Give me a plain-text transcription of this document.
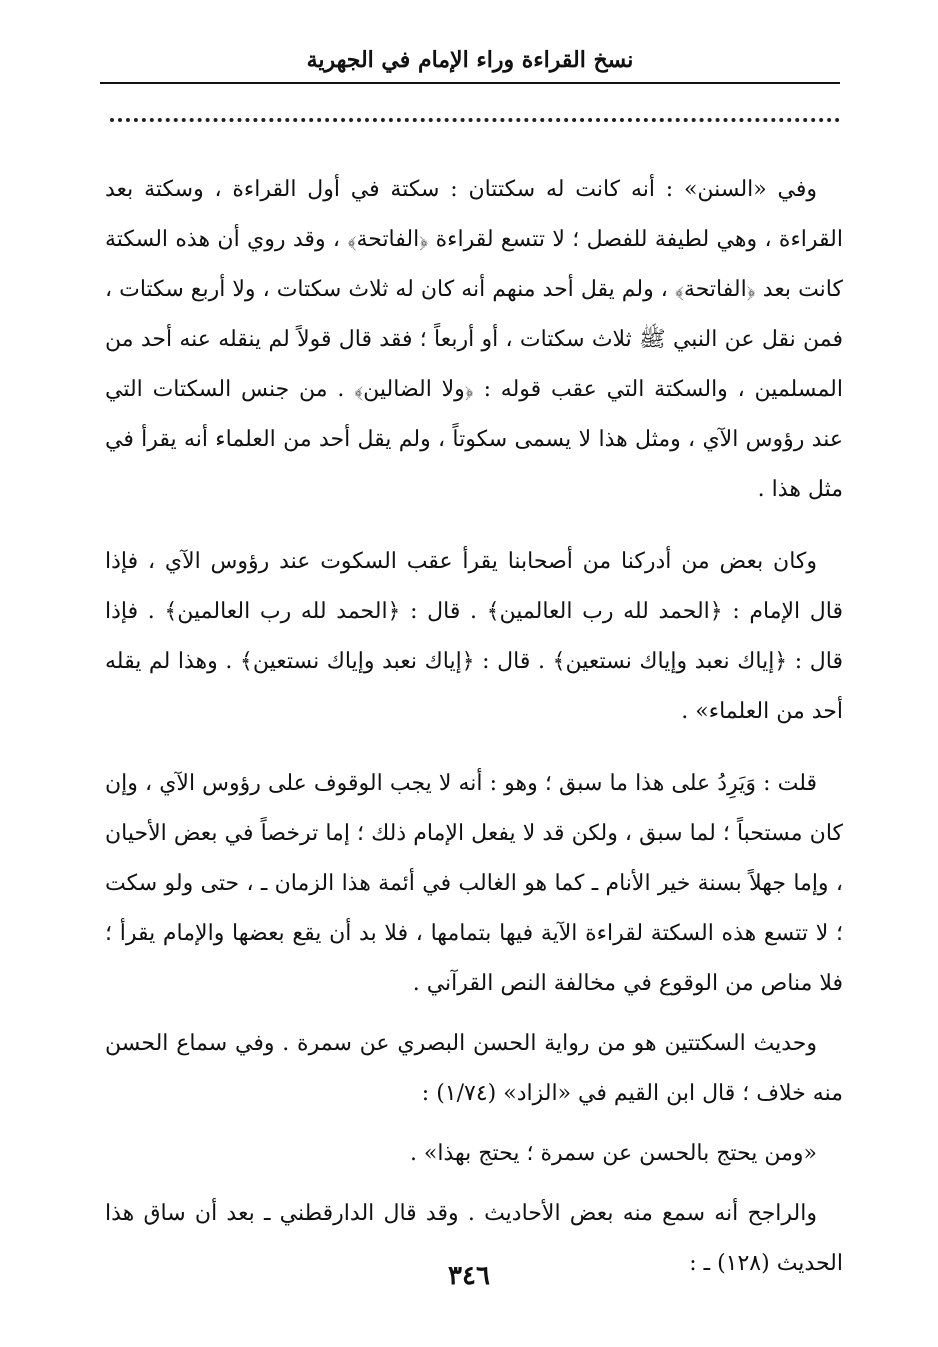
نسخ القراءة وراء الإمام في الجهرية

وفي «السنن» : أنه كانت له سكتتان : سكتة في أول القراءة ، وسكتة بعد القراءة ، وهي لطيفة للفصل ؛ لا تتسع لقراءة ﴿الفاتحة﴾ ، وقد روي أن هذه السكتة كانت بعد ﴿الفاتحة﴾ ، ولم يقل أحد منهم أنه كان له ثلاث سكتات ، ولا أربع سكتات ، فمن نقل عن النبي ﷺ ثلاث سكتات ، أو أربعاً ؛ فقد قال قولاً لم ينقله عنه أحد من المسلمين ، والسكتة التي عقب قوله : ﴿ولا الضالين﴾ . من جنس السكتات التي عند رؤوس الآي ، ومثل هذا لا يسمى سكوتاً ، ولم يقل أحد من العلماء أنه يقرأ في مثل هذا .

وكان بعض من أدركنا من أصحابنا يقرأ عقب السكوت عند رؤوس الآي ، فإذا قال الإمام : ﴿الحمد لله رب العالمين﴾ . قال : ﴿الحمد لله رب العالمين﴾ . فإذا قال : ﴿إياك نعبد وإياك نستعين﴾ . قال : ﴿إياك نعبد وإياك نستعين﴾ . وهذا لم يقله أحد من العلماء» .

قلت : وَيَرِدُ على هذا ما سبق ؛ وهو : أنه لا يجب الوقوف على رؤوس الآي ، وإن كان مستحباً ؛ لما سبق ، ولكن قد لا يفعل الإمام ذلك ؛ إما ترخصاً في بعض الأحيان ، وإما جهلاً بسنة خير الأنام ـ كما هو الغالب في أئمة هذا الزمان ـ ، حتى ولو سكت ؛ لا تتسع هذه السكتة لقراءة الآية فيها بتمامها ، فلا بد أن يقع بعضها والإمام يقرأ ؛ فلا مناص من الوقوع في مخالفة النص القرآني .

وحديث السكتتين هو من رواية الحسن البصري عن سمرة . وفي سماع الحسن منه خلاف ؛ قال ابن القيم في «الزاد» (١/٧٤) :

«ومن يحتج بالحسن عن سمرة ؛ يحتج بهذا» .

والراجح أنه سمع منه بعض الأحاديث . وقد قال الدارقطني ـ بعد أن ساق هذا الحديث (١٢٨) ـ :

٣٤٦
